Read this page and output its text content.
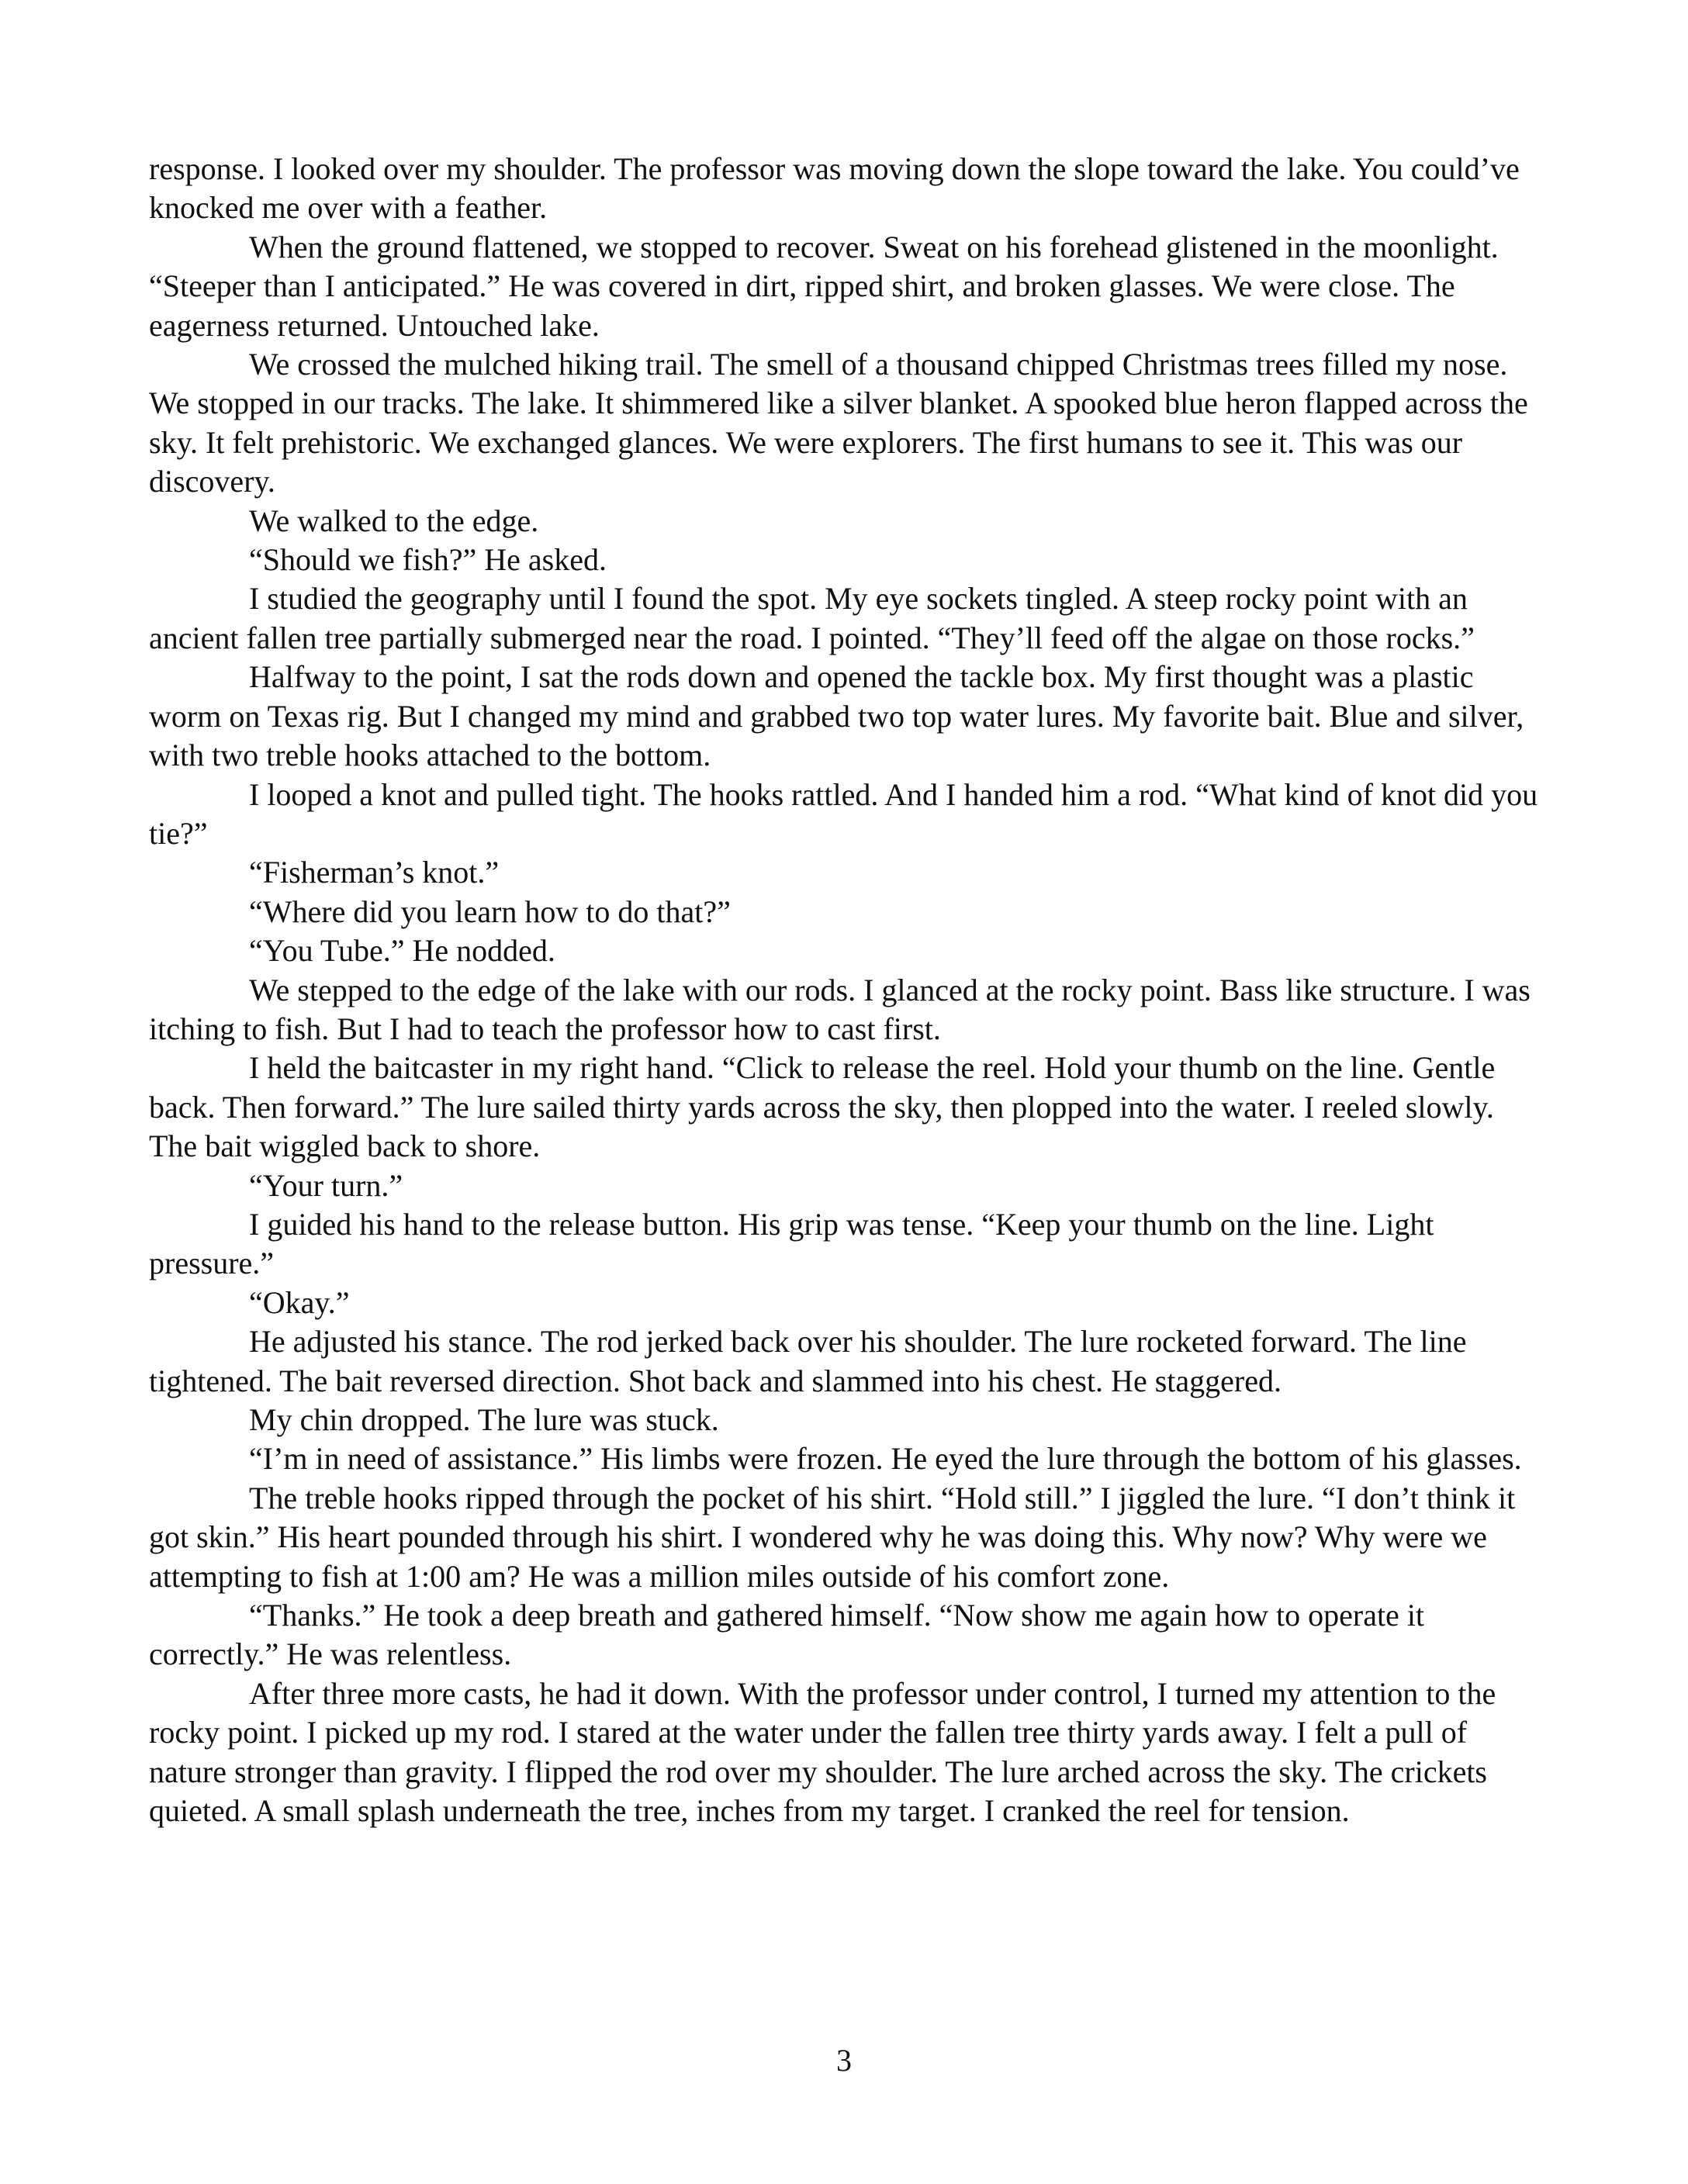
response. I looked over my shoulder. The professor was moving down the slope toward the lake. You could’ve knocked me over with a feather.

When the ground flattened, we stopped to recover. Sweat on his forehead glistened in the moonlight. “Steeper than I anticipated.” He was covered in dirt, ripped shirt, and broken glasses. We were close. The eagerness returned. Untouched lake.

We crossed the mulched hiking trail. The smell of a thousand chipped Christmas trees filled my nose. We stopped in our tracks. The lake. It shimmered like a silver blanket. A spooked blue heron flapped across the sky. It felt prehistoric. We exchanged glances. We were explorers. The first humans to see it. This was our discovery.

We walked to the edge.

“Should we fish?” He asked.

I studied the geography until I found the spot. My eye sockets tingled. A steep rocky point with an ancient fallen tree partially submerged near the road. I pointed. “They’ll feed off the algae on those rocks.”

Halfway to the point, I sat the rods down and opened the tackle box. My first thought was a plastic worm on Texas rig. But I changed my mind and grabbed two top water lures. My favorite bait. Blue and silver, with two treble hooks attached to the bottom.

I looped a knot and pulled tight. The hooks rattled. And I handed him a rod. “What kind of knot did you tie?”

“Fisherman’s knot.”

“Where did you learn how to do that?”

“You Tube.” He nodded.

We stepped to the edge of the lake with our rods. I glanced at the rocky point. Bass like structure. I was itching to fish. But I had to teach the professor how to cast first.

I held the baitcaster in my right hand. “Click to release the reel. Hold your thumb on the line. Gentle back. Then forward.” The lure sailed thirty yards across the sky, then plopped into the water. I reeled slowly. The bait wiggled back to shore.

“Your turn.”

I guided his hand to the release button. His grip was tense. “Keep your thumb on the line. Light pressure.”

“Okay.”

He adjusted his stance. The rod jerked back over his shoulder. The lure rocketed forward. The line tightened. The bait reversed direction. Shot back and slammed into his chest. He staggered.

My chin dropped. The lure was stuck.

“I’m in need of assistance.” His limbs were frozen. He eyed the lure through the bottom of his glasses.

The treble hooks ripped through the pocket of his shirt. “Hold still.” I jiggled the lure. “I don’t think it got skin.” His heart pounded through his shirt. I wondered why he was doing this. Why now? Why were we attempting to fish at 1:00 am? He was a million miles outside of his comfort zone.

“Thanks.” He took a deep breath and gathered himself. “Now show me again how to operate it correctly.” He was relentless.

After three more casts, he had it down. With the professor under control, I turned my attention to the rocky point. I picked up my rod. I stared at the water under the fallen tree thirty yards away. I felt a pull of nature stronger than gravity. I flipped the rod over my shoulder. The lure arched across the sky. The crickets quieted. A small splash underneath the tree, inches from my target. I cranked the reel for tension.

3
